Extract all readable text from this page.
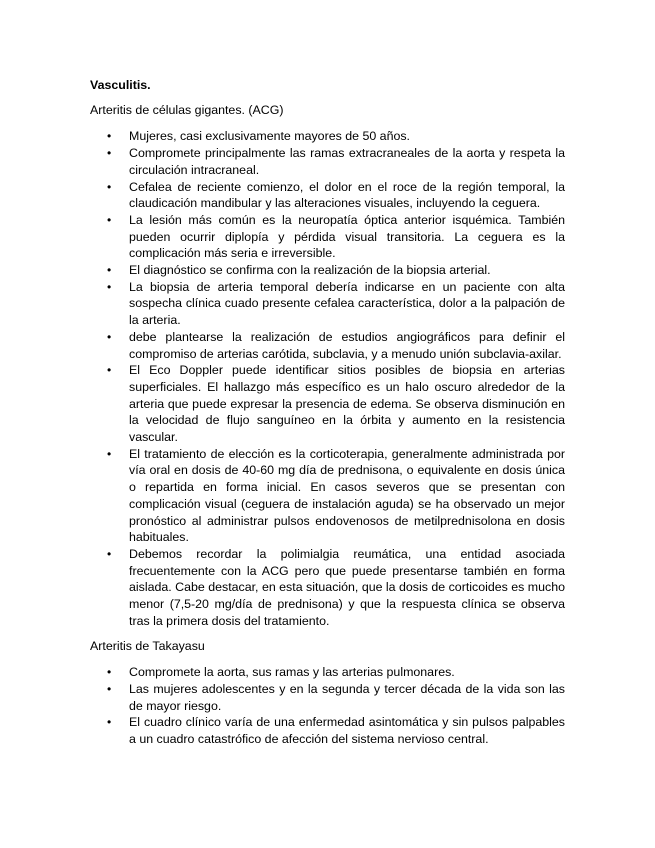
Vasculitis.
Arteritis de células gigantes. (ACG)
• Mujeres, casi exclusivamente mayores de 50 años.
• Compromete principalmente las ramas extracraneales de la aorta y respeta la circulación intracraneal.
• Cefalea de reciente comienzo, el dolor en el roce de la región temporal, la claudicación mandibular y las alteraciones visuales, incluyendo la ceguera.
• La lesión más común es la neuropatía óptica anterior isquémica. También pueden ocurrir diplopía y pérdida visual transitoria. La ceguera es la complicación más seria e irreversible.
• El diagnóstico se confirma con la realización de la biopsia arterial.
• La biopsia de arteria temporal debería indicarse en un paciente con alta sospecha clínica cuado presente cefalea característica, dolor a la palpación de la arteria.
• debe plantearse la realización de estudios angiográficos para definir el compromiso de arterias carótida, subclavia, y a menudo unión subclavia-axilar.
• El Eco Doppler puede identificar sitios posibles de biopsia en arterias superficiales. El hallazgo más específico es un halo oscuro alrededor de la arteria que puede expresar la presencia de edema. Se observa disminución en la velocidad de flujo sanguíneo en la órbita y aumento en la resistencia vascular.
• El tratamiento de elección es la corticoterapia, generalmente administrada por vía oral en dosis de 40-60 mg día de prednisona, o equivalente en dosis única o repartida en forma inicial. En casos severos que se presentan con complicación visual (ceguera de instalación aguda) se ha observado un mejor pronóstico al administrar pulsos endovenosos de metilprednisolona en dosis habituales.
• Debemos recordar la polimialgia reumática, una entidad asociada frecuentemente con la ACG pero que puede presentarse también en forma aislada. Cabe destacar, en esta situación, que la dosis de corticoides es mucho menor (7,5-20 mg/día de prednisona) y que la respuesta clínica se observa tras la primera dosis del tratamiento.
Arteritis de Takayasu
• Compromete la aorta, sus ramas y las arterias pulmonares.
• Las mujeres adolescentes y en la segunda y tercer década de la vida son las de mayor riesgo.
• El cuadro clínico varía de una enfermedad asintomática y sin pulsos palpables a un cuadro catastrófico de afección del sistema nervioso central.
